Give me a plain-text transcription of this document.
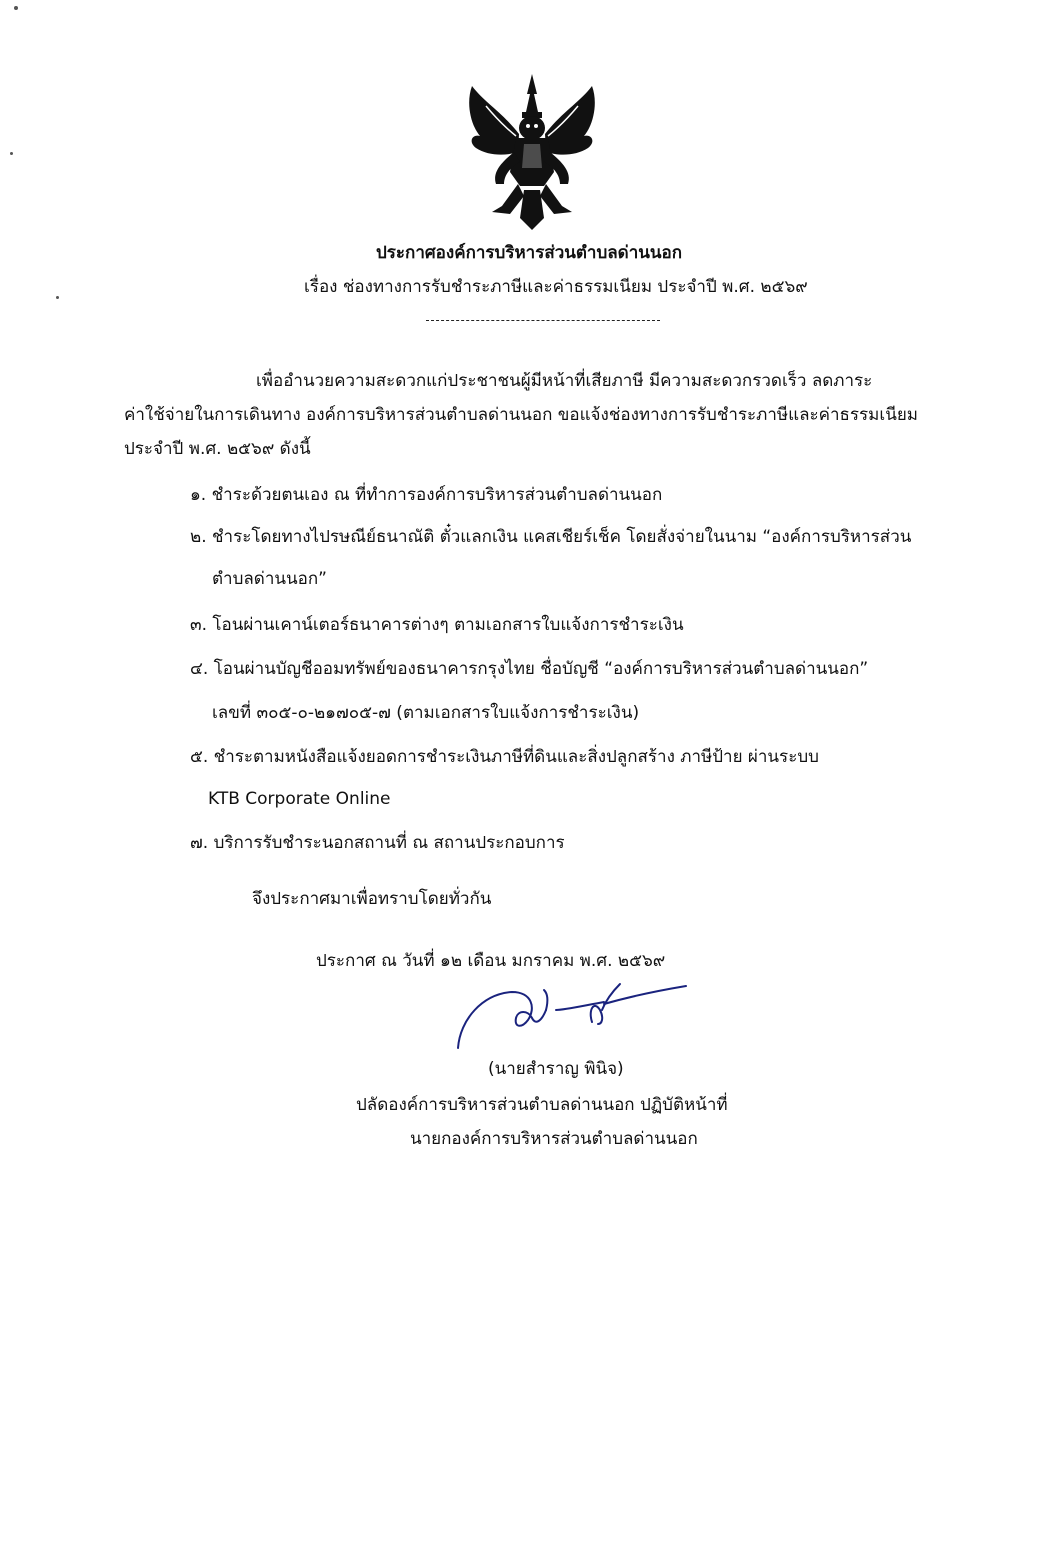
ประกาศองค์การบริหารส่วนตำบลด่านนอก
เรื่อง ช่องทางการรับชำระภาษีและค่าธรรมเนียม ประจำปี พ.ศ. ๒๕๖๙
เพื่ออำนวยความสะดวกแก่ประชาชนผู้มีหน้าที่เสียภาษี มีความสะดวกรวดเร็ว ลดภาระ
ค่าใช้จ่ายในการเดินทาง องค์การบริหารส่วนตำบลด่านนอก ขอแจ้งช่องทางการรับชำระภาษีและค่าธรรมเนียม
ประจำปี พ.ศ. ๒๕๖๙ ดังนี้
๑. ชำระด้วยตนเอง ณ ที่ทำการองค์การบริหารส่วนตำบลด่านนอก
๒. ชำระโดยทางไปรษณีย์ธนาณัติ ตั๋วแลกเงิน แคสเชียร์เช็ค โดยสั่งจ่ายในนาม “องค์การบริหารส่วน
ตำบลด่านนอก”
๓. โอนผ่านเคาน์เตอร์ธนาคารต่างๆ ตามเอกสารใบแจ้งการชำระเงิน
๔. โอนผ่านบัญชีออมทรัพย์ของธนาคารกรุงไทย ชื่อบัญชี “องค์การบริหารส่วนตำบลด่านนอก”
เลขที่ ๓๐๕-๐-๒๑๗๐๕-๗ (ตามเอกสารใบแจ้งการชำระเงิน)
๕. ชำระตามหนังสือแจ้งยอดการชำระเงินภาษีที่ดินและสิ่งปลูกสร้าง ภาษีป้าย ผ่านระบบ
KTB Corporate Online
๗. บริการรับชำระนอกสถานที่ ณ สถานประกอบการ
จึงประกาศมาเพื่อทราบโดยทั่วกัน
ประกาศ ณ วันที่ ๑๒ เดือน มกราคม พ.ศ. ๒๕๖๙
(นายสำราญ พินิจ)
ปลัดองค์การบริหารส่วนตำบลด่านนอก ปฏิบัติหน้าที่
นายกองค์การบริหารส่วนตำบลด่านนอก
